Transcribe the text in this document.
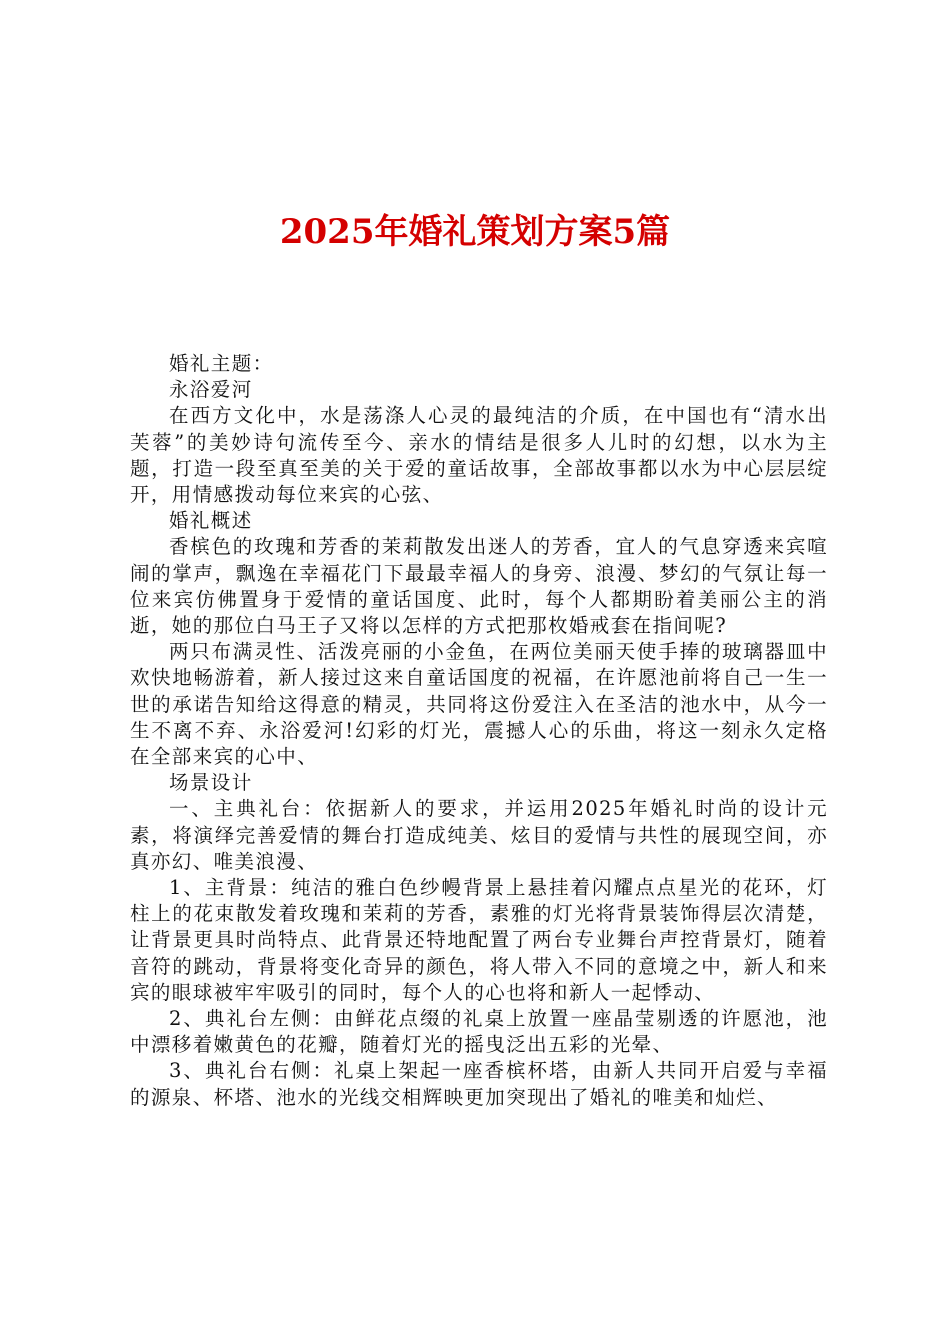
2025年婚礼策划方案5篇

婚礼主题：

永浴爱河

在西方文化中，水是荡涤人心灵的最纯洁的介质，在中国也有“清水出芙蓉”的美妙诗句流传至今、亲水的情结是很多人儿时的幻想，以水为主题，打造一段至真至美的关于爱的童话故事，全部故事都以水为中心层层绽开，用情感拨动每位来宾的心弦、

婚礼概述

香槟色的玫瑰和芳香的茉莉散发出迷人的芳香，宜人的气息穿透来宾喧闹的掌声，飘逸在幸福花门下最最幸福人的身旁、浪漫、梦幻的气氛让每一位来宾仿佛置身于爱情的童话国度、此时，每个人都期盼着美丽公主的消逝，她的那位白马王子又将以怎样的方式把那枚婚戒套在指间呢?

两只布满灵性、活泼亮丽的小金鱼，在两位美丽天使手捧的玻璃器皿中欢快地畅游着，新人接过这来自童话国度的祝福，在许愿池前将自己一生一世的承诺告知给这得意的精灵，共同将这份爱注入在圣洁的池水中，从今一生不离不弃、永浴爱河!幻彩的灯光，震撼人心的乐曲，将这一刻永久定格在全部来宾的心中、

场景设计

一、主典礼台：依据新人的要求，并运用2025年婚礼时尚的设计元素，将演绎完善爱情的舞台打造成纯美、炫目的爱情与共性的展现空间，亦真亦幻、唯美浪漫、

1、主背景：纯洁的雅白色纱幔背景上悬挂着闪耀点点星光的花环，灯柱上的花束散发着玫瑰和茉莉的芳香，素雅的灯光将背景装饰得层次清楚，让背景更具时尚特点、此背景还特地配置了两台专业舞台声控背景灯，随着音符的跳动，背景将变化奇异的颜色，将人带入不同的意境之中，新人和来宾的眼球被牢牢吸引的同时，每个人的心也将和新人一起悸动、

2、典礼台左侧：由鲜花点缀的礼桌上放置一座晶莹剔透的许愿池，池中漂移着嫩黄色的花瓣，随着灯光的摇曳泛出五彩的光晕、

3、典礼台右侧：礼桌上架起一座香槟杯塔，由新人共同开启爱与幸福的源泉、杯塔、池水的光线交相辉映更加突现出了婚礼的唯美和灿烂、
